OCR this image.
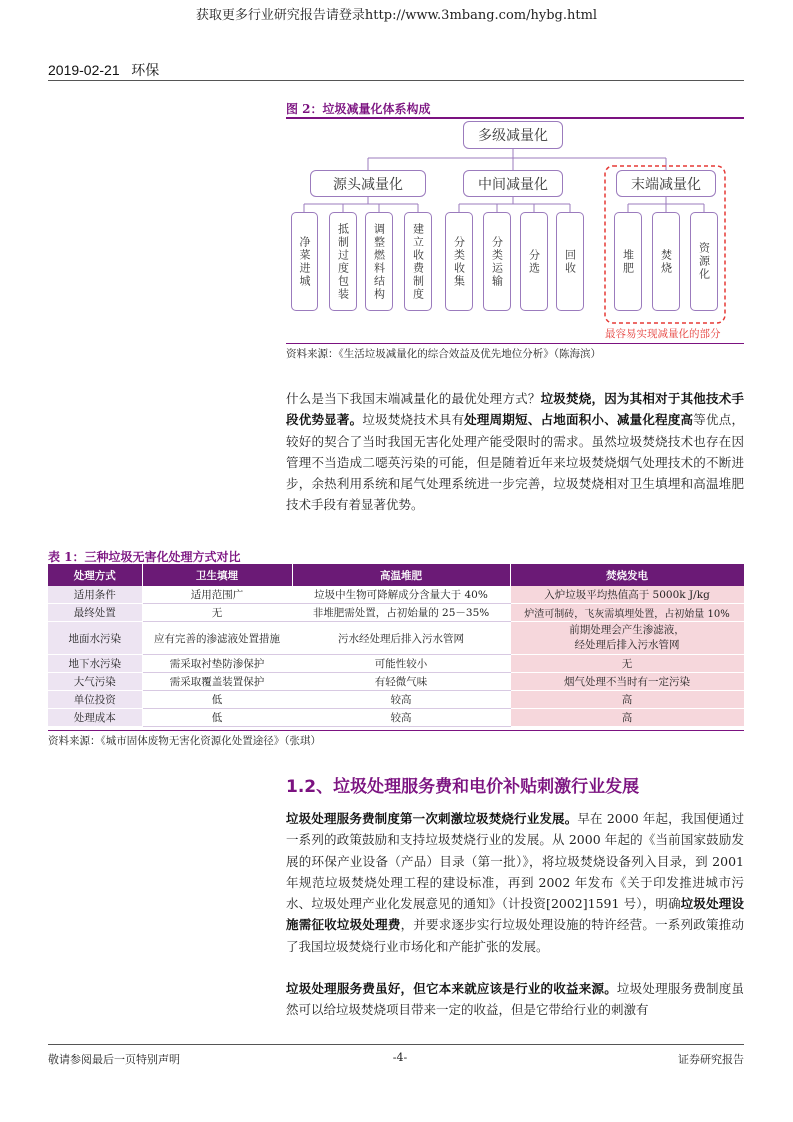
获取更多行业研究报告请登录http://www.3mbang.com/hybg.html
2019-02-21 环保
图 2：垃圾减量化体系构成
多级减量化
源头减量化	中间减量化	末端减量化
净菜进城	抵制过度包装	调整燃料结构	建立收费制度	分类收集	分类运输	分选	回收	堆肥	焚烧	资源化
最容易实现减量化的部分
资料来源：《生活垃圾减量化的综合效益及优先地位分析》（陈海滨）
什么是当下我国末端减量化的最优处理方式？垃圾焚烧，因为其相对于其他技术手段优势显著。垃圾焚烧技术具有处理周期短、占地面积小、减量化程度高等优点，较好的契合了当时我国无害化处理产能受限时的需求。虽然垃圾焚烧技术也存在因管理不当造成二噁英污染的可能，但是随着近年来垃圾焚烧烟气处理技术的不断进步，余热利用系统和尾气处理系统进一步完善，垃圾焚烧相对卫生填埋和高温堆肥技术手段有着显著优势。
表 1：三种垃圾无害化处理方式对比
处理方式	卫生填埋	高温堆肥	焚烧发电
适用条件	适用范围广	垃圾中生物可降解成分含量大于 40%	入炉垃圾平均热值高于 5000k J/kg
最终处置	无	非堆肥需处置，占初始量的 25－35%	炉渣可制砖，飞灰需填埋处置，占初始量 10%
地面水污染	应有完善的渗滤液处置措施	污水经处理后排入污水管网	前期处理会产生渗滤液，
经处理后排入污水管网
地下水污染	需采取衬垫防渗保护	可能性较小	无
大气污染	需采取覆盖装置保护	有轻微气味	烟气处理不当时有一定污染
单位投资	低	较高	高
处理成本	低	较高	高
资料来源：《城市固体废物无害化资源化处置途径》（张琪）
1.2、垃圾处理服务费和电价补贴刺激行业发展
垃圾处理服务费制度第一次刺激垃圾焚烧行业发展。早在 2000 年起，我国便通过一系列的政策鼓励和支持垃圾焚烧行业的发展。从 2000 年起的《当前国家鼓励发展的环保产业设备（产品）目录（第一批）》，将垃圾焚烧设备列入目录，到 2001 年规范垃圾焚烧处理工程的建设标准，再到 2002 年发布《关于印发推进城市污水、垃圾处理产业化发展意见的通知》（计投资[2002]1591 号），明确垃圾处理设施需征收垃圾处理费，并要求逐步实行垃圾处理设施的特许经营。一系列政策推动了我国垃圾焚烧行业市场化和产能扩张的发展。
垃圾处理服务费虽好，但它本来就应该是行业的收益来源。垃圾处理服务费制度虽然可以给垃圾焚烧项目带来一定的收益，但是它带给行业的刺激有
敬请参阅最后一页特别声明	-4-	证券研究报告
